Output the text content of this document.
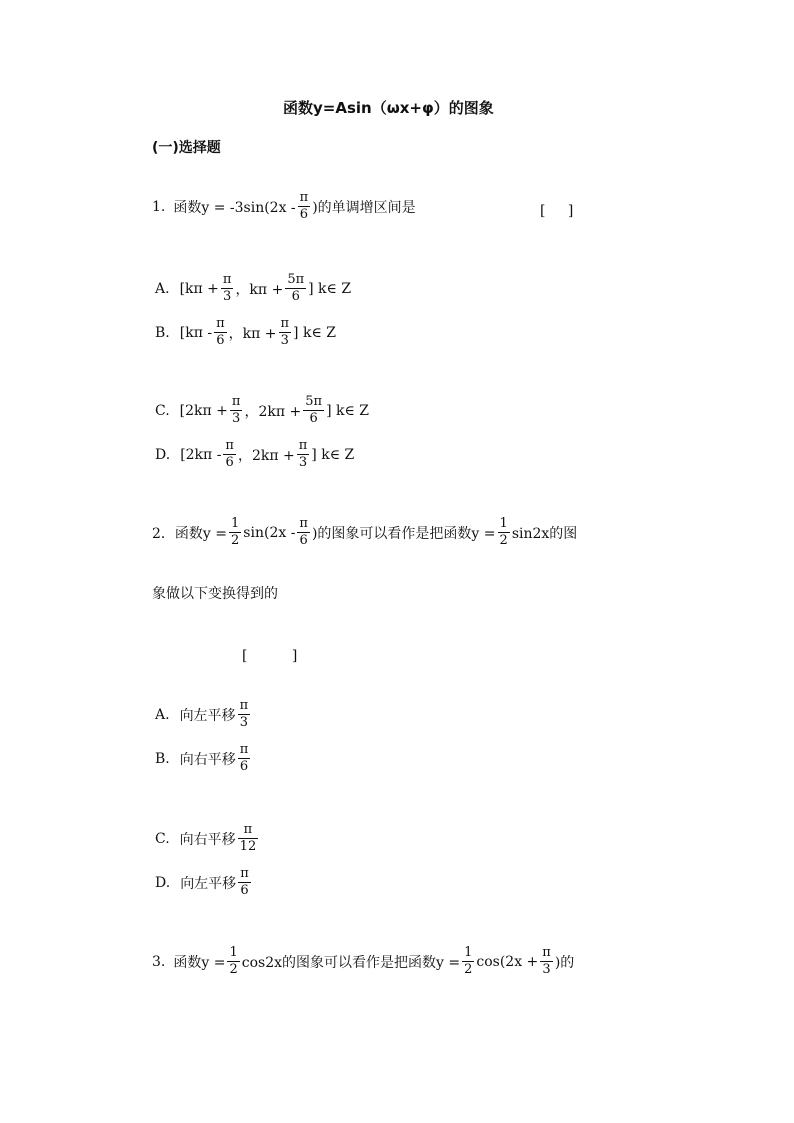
函数y=Asin（ωx+φ）的图象
(一)选择题
1. 函数$y = -3\sin(2x - \frac{\pi}{6}$ )的单调增区间是	[ ]
A. [$k\pi + \frac{\pi}{3}$ ，$k\pi + \frac{5\pi}{6}$ ] k∈ Z
B. [$k\pi - \frac{\pi}{6}$ ，$k\pi + \frac{\pi}{3}$ ] k∈ Z
C. [$2k\pi + \frac{\pi}{3}$ ，$2k\pi + \frac{5\pi}{6}$ ] k∈ Z
D. [$2k\pi - \frac{\pi}{6}$ ，$2k\pi + \frac{\pi}{3}$ ] k∈ Z
2． 函数$y = \frac{1}{2} \sin(2x - \frac{\pi}{6}$ )的图象可以看作是把函数$y = \frac{1}{2} \sin 2x$的图
象做以下变换得到的
[ ]
A. 向左平移 $\frac{\pi}{3}$
B. 向右平移 $\frac{\pi}{6}$
C. 向右平移 $\frac{\pi}{12}$
D. 向左平移 $\frac{\pi}{6}$
3. 函数$y = \frac{1}{2} \cos 2x$的图象可以看作是把函数$y = \frac{1}{2} \cos(2x + \frac{\pi}{3}$ )的
